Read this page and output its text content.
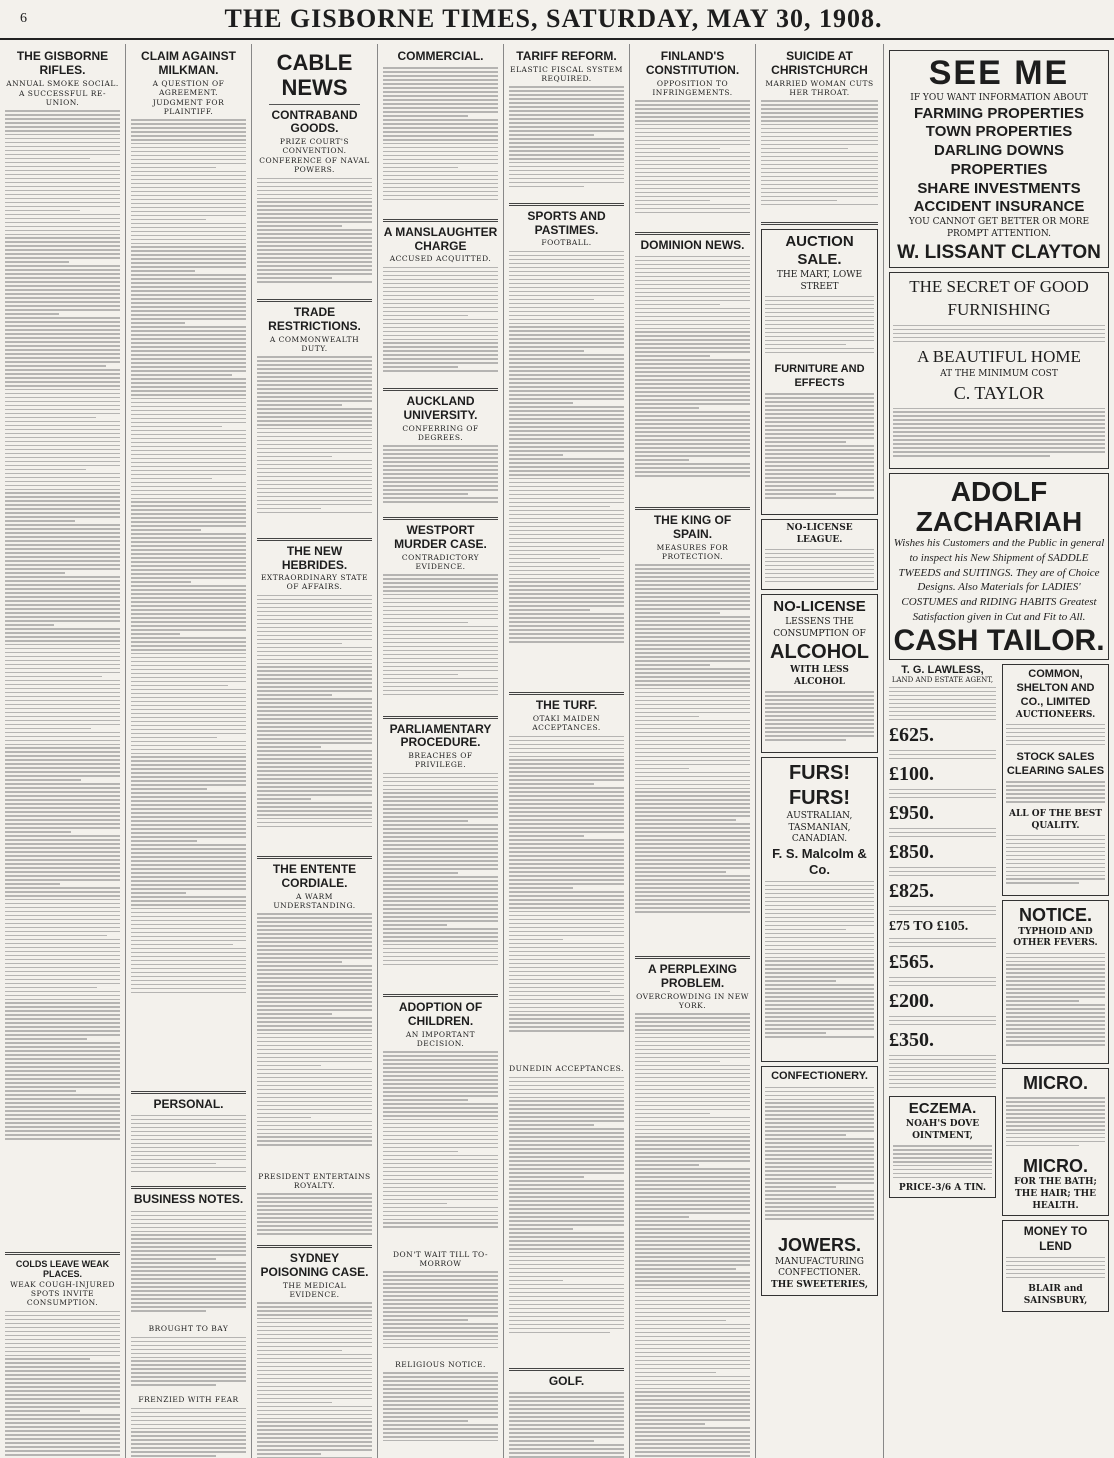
6	THE GISBORNE TIMES, SATURDAY, MAY 30, 1908.
THE GISBORNE RIFLES.
ANNUAL SMOKE SOCIAL.
A SUCCESSFUL RE-UNION.
COLDS LEAVE WEAK PLACES.
WEAK COUGH-INJURED SPOTS INVITE CONSUMPTION.
CLAIM AGAINST MILKMAN.
A QUESTION OF AGREEMENT.
JUDGMENT FOR PLAINTIFF.
PERSONAL.
BUSINESS NOTES.
BROUGHT TO BAY
FRENZIED WITH FEAR
CABLE NEWS
CONTRABAND GOODS.
PRIZE COURT'S CONVENTION.
CONFERENCE OF NAVAL POWERS.
TRADE RESTRICTIONS.
A COMMONWEALTH DUTY.
THE NEW HEBRIDES.
EXTRAORDINARY STATE OF AFFAIRS.
THE ENTENTE CORDIALE.
A WARM UNDERSTANDING.
PRESIDENT ENTERTAINS ROYALTY.
SYDNEY POISONING CASE.
THE MEDICAL EVIDENCE.
COMMERCIAL.
A MANSLAUGHTER CHARGE
ACCUSED ACQUITTED.
AUCKLAND UNIVERSITY.
CONFERRING OF DEGREES.
WESTPORT MURDER CASE.
CONTRADICTORY EVIDENCE.
PARLIAMENTARY PROCEDURE.
BREACHES OF PRIVILEGE.
ADOPTION OF CHILDREN.
AN IMPORTANT DECISION.
DON'T WAIT TILL TO-MORROW
RELIGIOUS NOTICE.
TARIFF REFORM.
ELASTIC FISCAL SYSTEM REQUIRED.
SPORTS AND PASTIMES.
FOOTBALL.
THE TURF.
OTAKI MAIDEN ACCEPTANCES.
DUNEDIN ACCEPTANCES.
GOLF.
FINLAND'S CONSTITUTION.
OPPOSITION TO INFRINGEMENTS.
DOMINION NEWS.
THE KING OF SPAIN.
MEASURES FOR PROTECTION.
A PERPLEXING PROBLEM.
OVERCROWDING IN NEW YORK.
SUICIDE AT CHRISTCHURCH
MARRIED WOMAN CUTS HER THROAT.
AUCTION SALE.
THE MART, LOWE STREET
FURNITURE AND EFFECTS
NO-LICENSE LEAGUE.
NO-LICENSE
LESSENS THE CONSUMPTION OF
ALCOHOL
WITH LESS ALCOHOL
FURS! FURS!
AUSTRALIAN, TASMANIAN, CANADIAN.
F. S. Malcolm & Co.
CONFECTIONERY.
JOWERS.
MANUFACTURING CONFECTIONER.
THE SWEETERIES,
SEE ME
IF YOU WANT INFORMATION ABOUT
FARMING PROPERTIES
TOWN PROPERTIES
DARLING DOWNS PROPERTIES
SHARE INVESTMENTS
ACCIDENT INSURANCE
YOU CANNOT GET BETTER OR MORE PROMPT ATTENTION.
W. LISSANT CLAYTON
THE SECRET OF GOOD FURNISHING
A BEAUTIFUL HOME
AT THE MINIMUM COST
C. TAYLOR
ADOLF ZACHARIAH
Wishes his Customers and the Public in general to inspect his New Shipment of SADDLE TWEEDS and SUITINGS. They are of Choice Designs. Also Materials for LADIES' COSTUMES and RIDING HABITS Greatest Satisfaction given in Cut and Fit to All.
CASH TAILOR.
T. G. LAWLESS,
LAND AND ESTATE AGENT,
£625.
£100.
£950.
£850.
£825.
£75 TO £105.
£565.
£200.
£350.
ECZEMA.
NOAH'S DOVE OINTMENT,
PRICE-3/6 A TIN.
COMMON, SHELTON AND CO., LIMITED
AUCTIONEERS.
STOCK SALES
CLEARING SALES
ALL OF THE BEST QUALITY.
NOTICE.
TYPHOID AND OTHER FEVERS.
MICRO.
MICRO.
FOR THE BATH; THE HAIR; THE HEALTH.
MONEY TO LEND
BLAIR and SAINSBURY,
